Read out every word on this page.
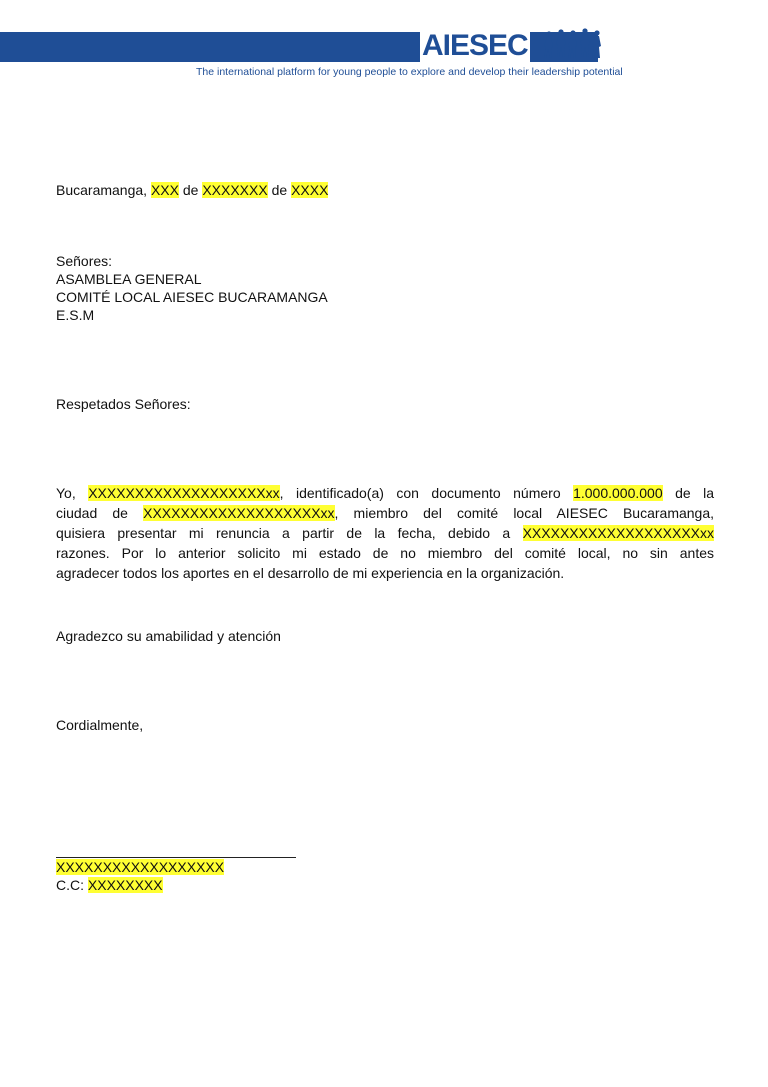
AIESEC
The international platform for young people to explore and develop their leadership potential
Bucaramanga, XXX de XXXXXXX de XXXX
Señores:
ASAMBLEA GENERAL
COMITÉ LOCAL AIESEC BUCARAMANGA
E.S.M
Respetados Señores:
Yo, XXXXXXXXXXXXXXXXXXXxx, identificado(a) con documento número 1.000.000.000 de la
ciudad de XXXXXXXXXXXXXXXXXXXxx, miembro del comité local AIESEC Bucaramanga,
quisiera presentar mi renuncia a partir de la fecha, debido a XXXXXXXXXXXXXXXXXXXxx
razones. Por lo anterior solicito mi estado de no miembro del comité local, no sin antes
agradecer todos los aportes en el desarrollo de mi experiencia en la organización.
Agradezco su amabilidad y atención
Cordialmente,
XXXXXXXXXXXXXXXXXX
C.C: XXXXXXXX
